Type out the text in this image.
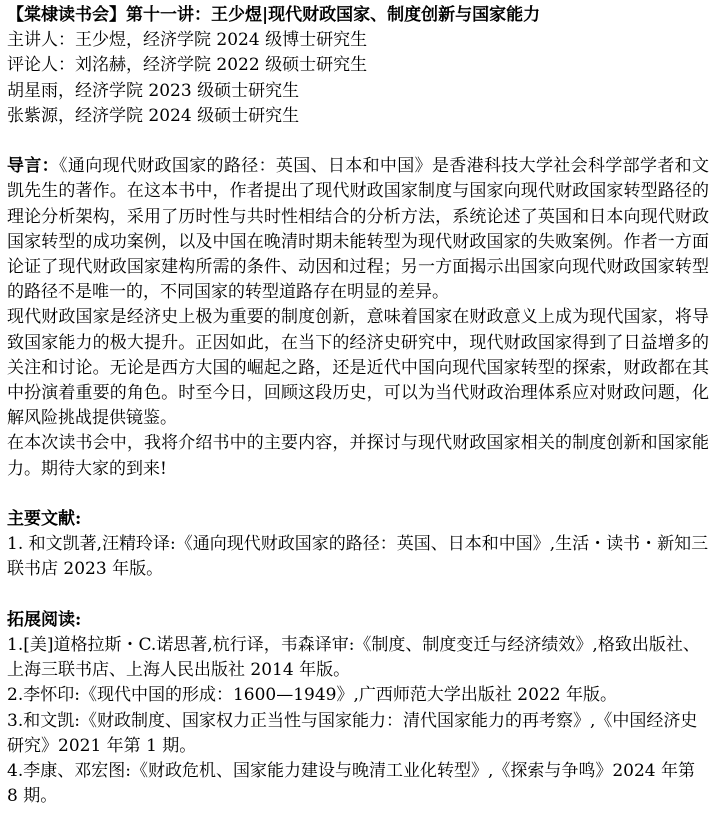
【棠棣读书会】第十一讲：王少煜|现代财政国家、制度创新与国家能力
主讲人：王少煜，经济学院 2024 级博士研究生
评论人：刘洺赫，经济学院 2022 级硕士研究生
胡星雨，经济学院 2023 级硕士研究生
张紫源，经济学院 2024 级硕士研究生
导言：《通向现代财政国家的路径：英国、日本和中国》是香港科技大学社会科学部学者和文凯先生的著作。在这本书中，作者提出了现代财政国家制度与国家向现代财政国家转型路径的理论分析架构，采用了历时性与共时性相结合的分析方法，系统论述了英国和日本向现代财政国家转型的成功案例，以及中国在晚清时期未能转型为现代财政国家的失败案例。作者一方面论证了现代财政国家建构所需的条件、动因和过程；另一方面揭示出国家向现代财政国家转型的路径不是唯一的，不同国家的转型道路存在明显的差异。
现代财政国家是经济史上极为重要的制度创新，意味着国家在财政意义上成为现代国家，将导致国家能力的极大提升。正因如此，在当下的经济史研究中，现代财政国家得到了日益增多的关注和讨论。无论是西方大国的崛起之路，还是近代中国向现代国家转型的探索，财政都在其中扮演着重要的角色。时至今日，回顾这段历史，可以为当代财政治理体系应对财政问题，化解风险挑战提供镜鉴。
在本次读书会中，我将介绍书中的主要内容，并探讨与现代财政国家相关的制度创新和国家能力。期待大家的到来!
主要文献:
1. 和文凯著,汪精玲译:《通向现代财政国家的路径：英国、日本和中国》,生活・读书・新知三联书店 2023 年版。
拓展阅读:
1.[美]道格拉斯・C.诺思著,杭行译，韦森译审:《制度、制度变迁与经济绩效》,格致出版社、上海三联书店、上海人民出版社 2014 年版。
2.李怀印:《现代中国的形成：1600—1949》,广西师范大学出版社 2022 年版。
3.和文凯:《财政制度、国家权力正当性与国家能力：清代国家能力的再考察》,《中国经济史研究》2021 年第 1 期。
4.李康、邓宏图:《财政危机、国家能力建设与晚清工业化转型》,《探索与争鸣》2024 年第 8 期。
